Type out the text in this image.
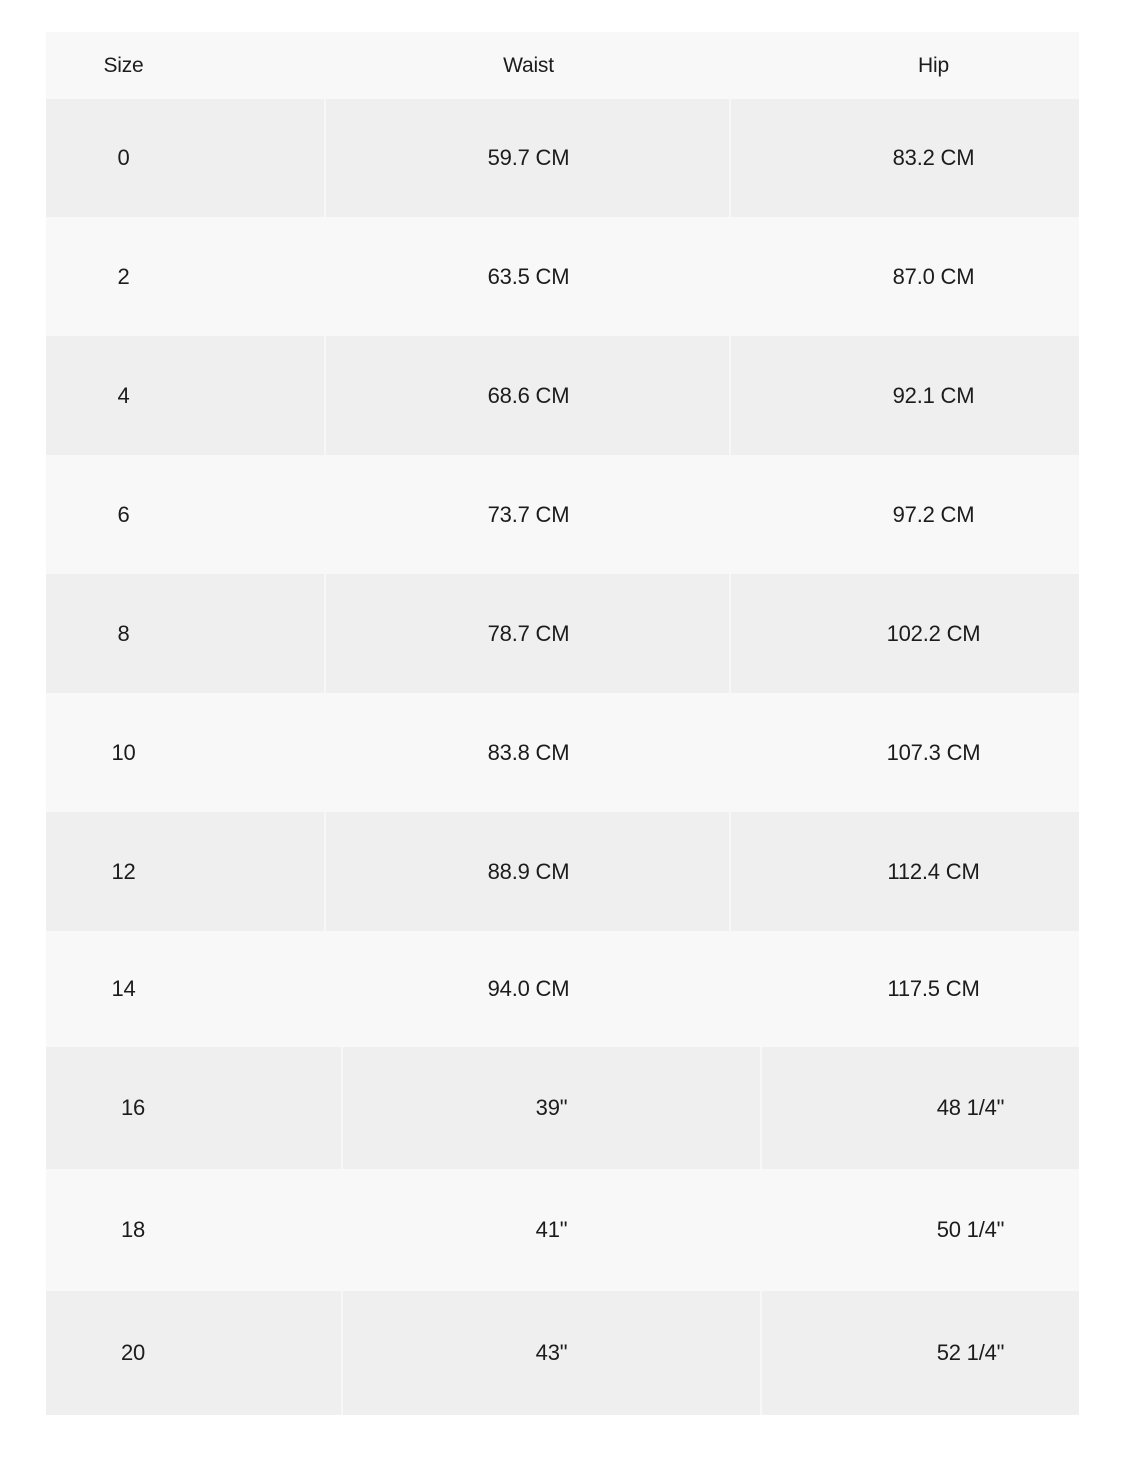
Size	Waist	Hip
0	59.7 CM	83.2 CM
2	63.5 CM	87.0 CM
4	68.6 CM	92.1 CM
6	73.7 CM	97.2 CM
8	78.7 CM	102.2 CM
10	83.8 CM	107.3 CM
12	88.9 CM	112.4 CM
14	94.0 CM	117.5 CM
16	39"	48 1/4"
18	41"	50 1/4"
20	43"	52 1/4"
